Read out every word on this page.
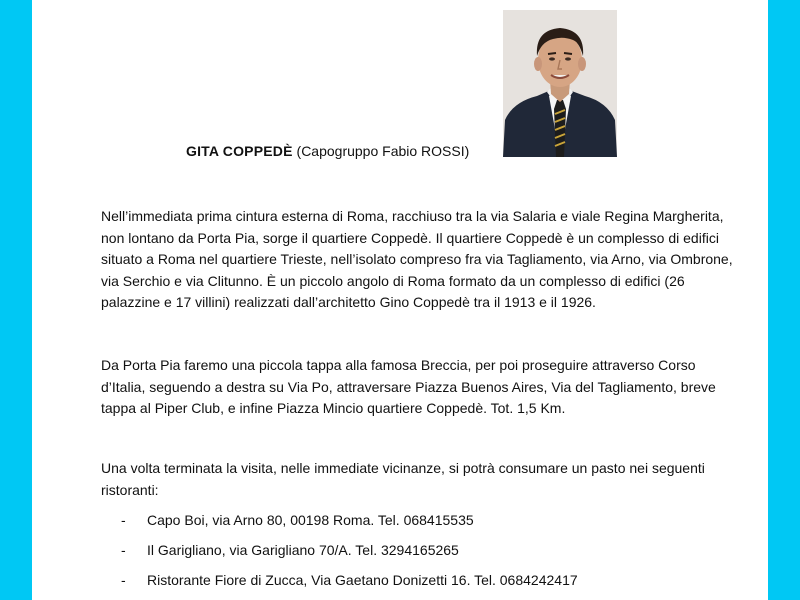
GITA COPPEDÈ (Capogruppo Fabio ROSSI)

Nell’immediata prima cintura esterna di Roma, racchiuso tra la via Salaria e viale Regina Margherita, non lontano da Porta Pia, sorge il quartiere Coppedè. Il quartiere Coppedè è un complesso di edifici situato a Roma nel quartiere Trieste, nell’isolato compreso fra via Tagliamento, via Arno, via Ombrone, via Serchio e via Clitunno. È un piccolo angolo di Roma formato da un complesso di edifici (26 palazzine e 17 villini) realizzati dall’architetto Gino Coppedè tra il 1913 e il 1926.

Da Porta Pia faremo una piccola tappa alla famosa Breccia, per poi proseguire attraverso Corso d’Italia, seguendo a destra su Via Po, attraversare Piazza Buenos Aires, Via del Tagliamento, breve tappa al Piper Club, e infine Piazza Mincio quartiere Coppedè. Tot. 1,5 Km.

Una volta terminata la visita, nelle immediate vicinanze, si potrà consumare un pasto nei seguenti ristoranti:

- Capo Boi, via Arno 80, 00198 Roma. Tel. 068415535
- Il Garigliano, via Garigliano 70/A. Tel. 3294165265
- Ristorante Fiore di Zucca, Via Gaetano Donizetti 16. Tel. 0684242417
